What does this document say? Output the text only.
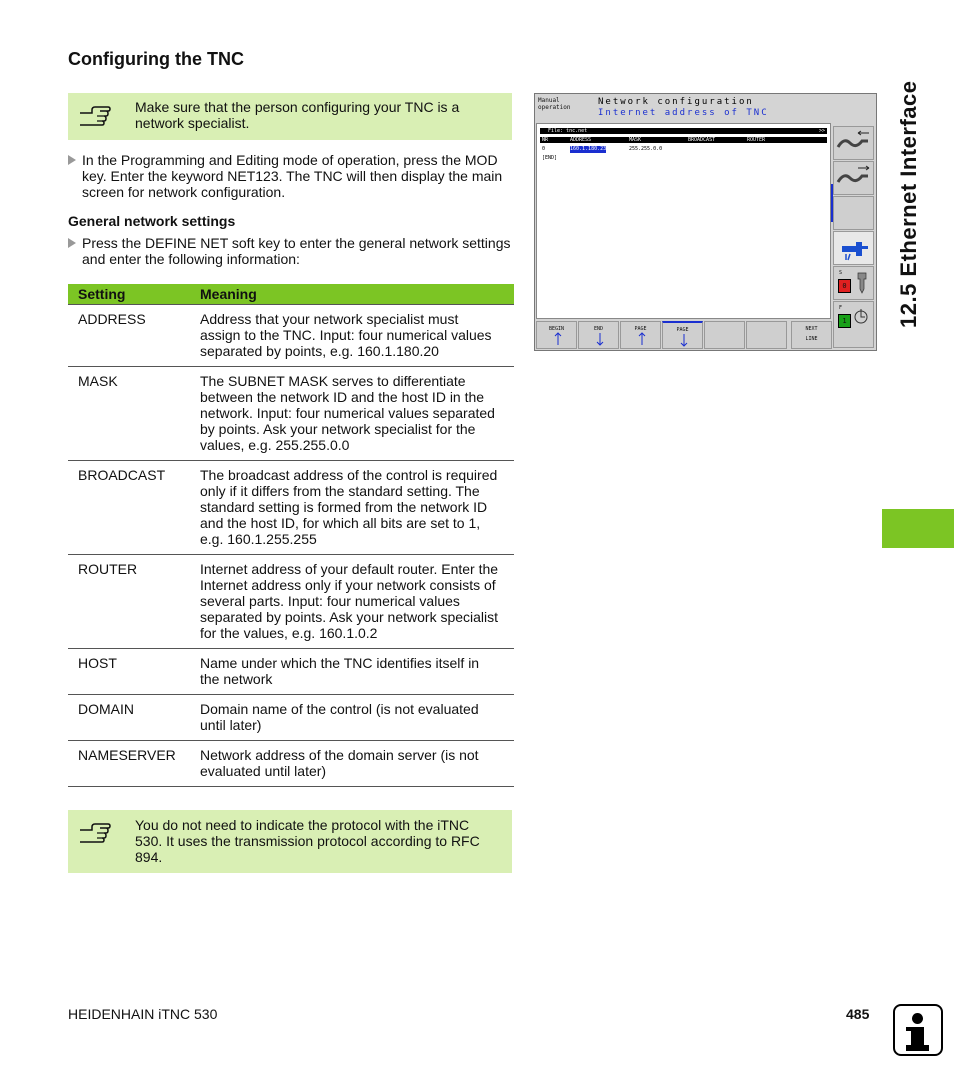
Configuring the TNC
Make sure that the person configuring your TNC is a network specialist.
In the Programming and Editing mode of operation, press the MOD key. Enter the keyword NET123. The TNC will then display the main screen for network configuration.
General network settings
Press the DEFINE NET soft key to enter the general network settings and enter the following information:
Setting	Meaning
ADDRESS	Address that your network specialist must assign to the TNC. Input: four numerical values separated by points, e.g. 160.1.180.20
MASK	The SUBNET MASK serves to differentiate between the network ID and the host ID in the network. Input: four numerical values separated by points. Ask your network specialist for the values, e.g. 255.255.0.0
BROADCAST	The broadcast address of the control is required only if it differs from the standard setting. The standard setting is formed from the network ID and the host ID, for which all bits are set to 1, e.g. 160.1.255.255
ROUTER	Internet address of your default router. Enter the Internet address only if your network consists of several parts. Input: four numerical values separated by points. Ask your network specialist for the values, e.g. 160.1.0.2
HOST	Name under which the TNC identifies itself in the network
DOMAIN	Domain name of the control (is not evaluated until later)
NAMESERVER	Network address of the domain server (is not evaluated until later)
You do not need to indicate the protocol with the iTNC 530. It uses the transmission protocol according to RFC 894.
Manual
operation
Network configuration
Internet address of TNC
File: tnc.net	>>
NR	ADDRESS	MASK	BROADCAST	ROUTER
0	160.1.180.23	255.255.0.0
[END]
S
0
F
1
BEGIN	END	PAGE	PAGE	NEXT
LINE
12.5 Ethernet Interface
HEIDENHAIN iTNC 530	485
